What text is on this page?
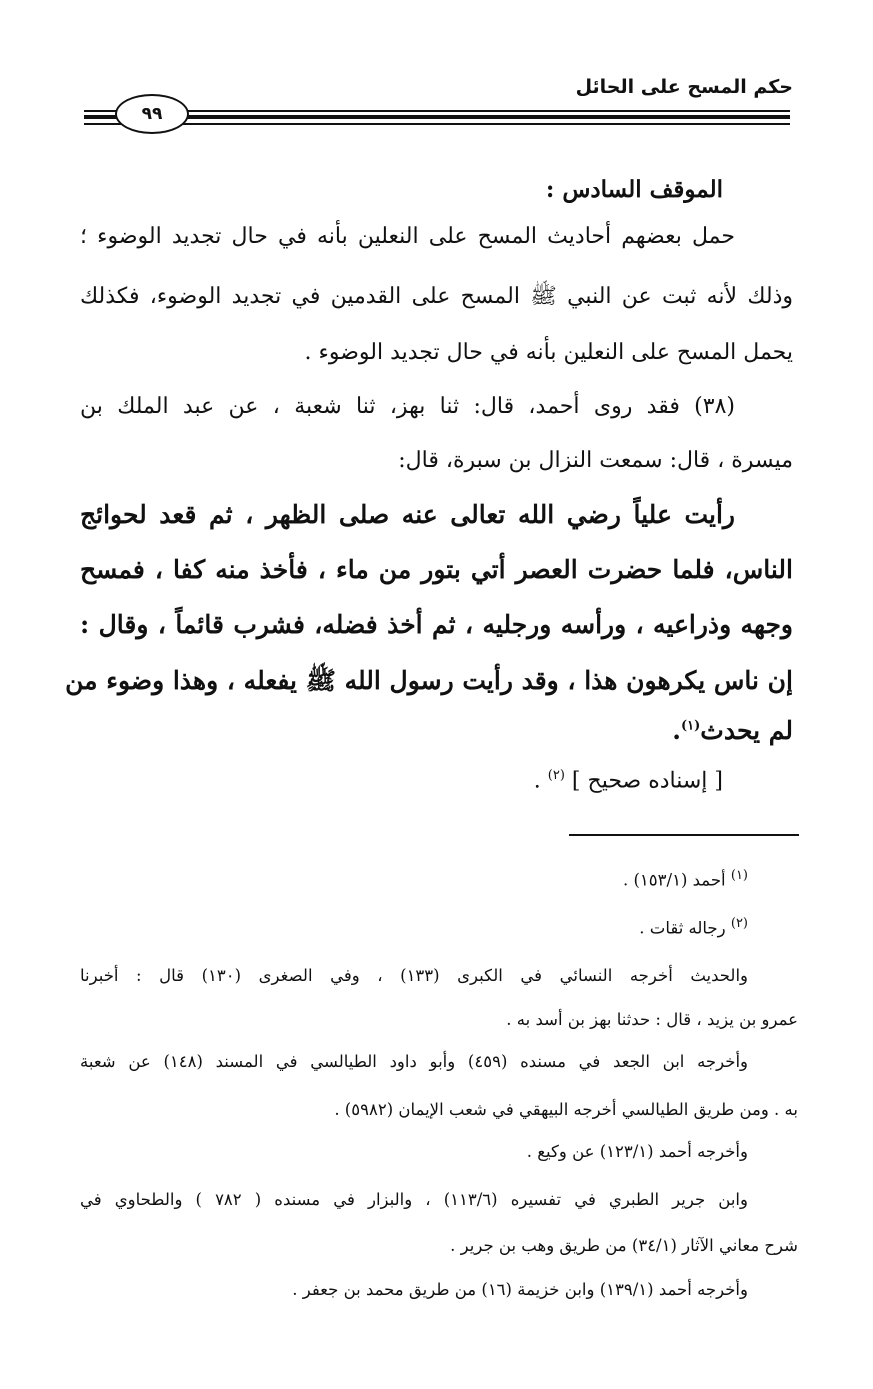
حكم المسح على الحائل
٩٩
الموقف السادس :
حمل بعضهم أحاديث المسح على النعلين بأنه في حال تجديد الوضوء ؛
وذلك لأنه ثبت عن النبي ﷺ المسح على القدمين في تجديد الوضوء، فكذلك
يحمل المسح على النعلين بأنه في حال تجديد الوضوء .
(٣٨) فقد روى أحمد، قال: ثنا بهز، ثنا شعبة ، عن عبد الملك بن
ميسرة ، قال: سمعت النزال بن سبرة، قال:
رأيت علياً رضي الله تعالى عنه صلى الظهر ، ثم قعد لحوائج
الناس، فلما حضرت العصر أتي بتور من ماء ، فأخذ منه كفا ، فمسح
وجهه وذراعيه ، ورأسه ورجليه ، ثم أخذ فضله، فشرب قائماً ، وقال :
إن ناس يكرهون هذا ، وقد رأيت رسول الله ﷺ يفعله ، وهذا وضوء من
لم يحدث$^{(١)}$.
[ إسناده صحيح ] $^{(٢)}$ .
$^{(١)}$ أحمد (١٥٣/١) .
$^{(٢)}$ رجاله ثقات .
والحديث أخرجه النسائي في الكبرى (١٣٣) ، وفي الصغرى (١٣٠) قال : أخبرنا
عمرو بن يزيد ، قال : حدثنا بهز بن أسد به .
وأخرجه ابن الجعد في مسنده (٤٥٩) وأبو داود الطيالسي في المسند (١٤٨) عن شعبة
به . ومن طريق الطيالسي أخرجه البيهقي في شعب الإيمان (٥٩٨٢) .
وأخرجه أحمد (١٢٣/١) عن وكيع .
وابن جرير الطبري في تفسيره (١١٣/٦) ، والبزار في مسنده ( ٧٨٢ ) والطحاوي في
شرح معاني الآثار (٣٤/١) من طريق وهب بن جرير .
وأخرجه أحمد (١٣٩/١) وابن خزيمة (١٦) من طريق محمد بن جعفر .
